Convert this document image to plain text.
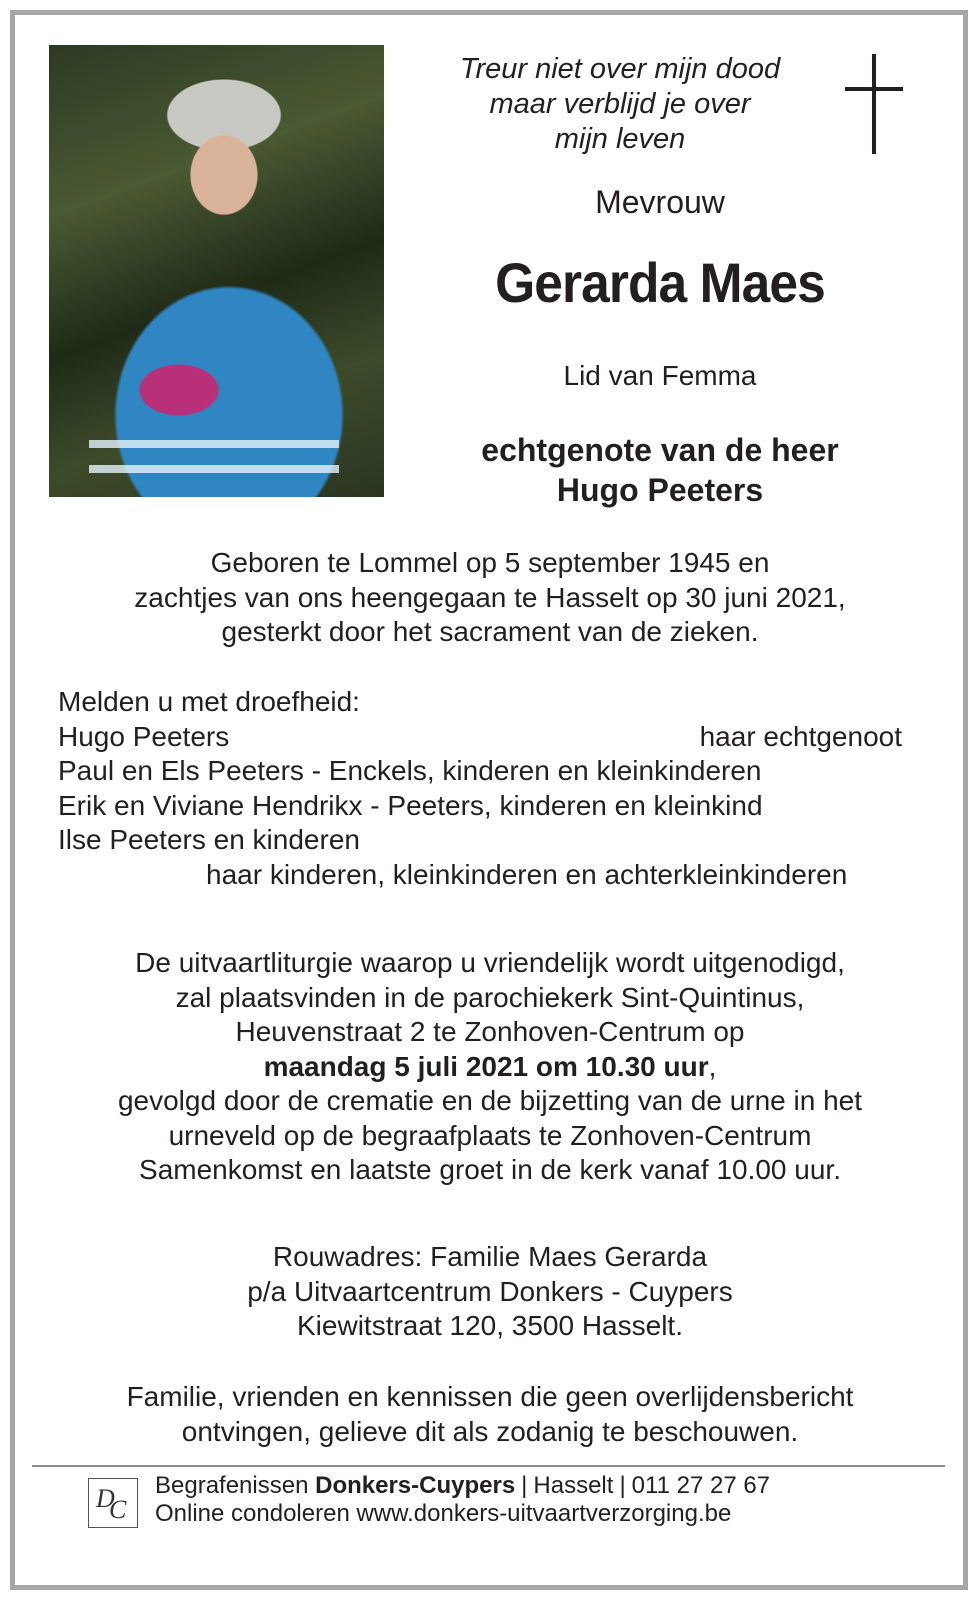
Treur niet over mijn dood
maar verblijd je over
mijn leven
Mevrouw
Gerarda Maes
Lid van Femma
echtgenote van de heer
Hugo Peeters
Geboren te Lommel op 5 september 1945 en
zachtjes van ons heengegaan te Hasselt op 30 juni 2021,
gesterkt door het sacrament van de zieken.
Melden u met droefheid:
Hugo Peeters	haar echtgenoot
Paul en Els Peeters - Enckels, kinderen en kleinkinderen
Erik en Viviane Hendrikx - Peeters, kinderen en kleinkind
Ilse Peeters en kinderen
haar kinderen, kleinkinderen en achterkleinkinderen
De uitvaartliturgie waarop u vriendelijk wordt uitgenodigd,
zal plaatsvinden in de parochiekerk Sint-Quintinus,
Heuvenstraat 2 te Zonhoven-Centrum op
maandag 5 juli 2021 om 10.30 uur,
gevolgd door de crematie en de bijzetting van de urne in het
urneveld op de begraafplaats te Zonhoven-Centrum
Samenkomst en laatste groet in de kerk vanaf 10.00 uur.
Rouwadres: Familie Maes Gerarda
p/a Uitvaartcentrum Donkers - Cuypers
Kiewitstraat 120, 3500 Hasselt.
Familie, vrienden en kennissen die geen overlijdensbericht
ontvingen, gelieve dit als zodanig te beschouwen.
D
C
Begrafenissen Donkers-Cuypers | Hasselt | 011 27 27 67
Online condoleren www.donkers-uitvaartverzorging.be
